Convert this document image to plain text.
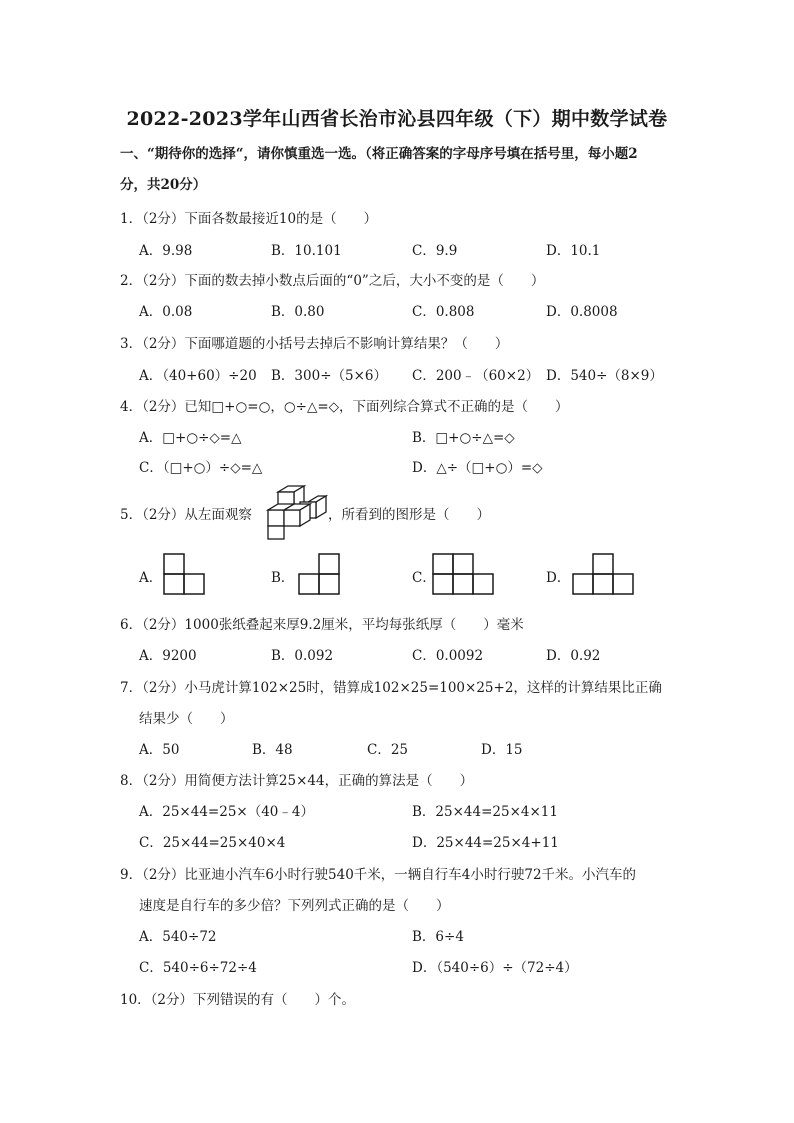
2022-2023学年山西省长治市沁县四年级（下）期中数学试卷
一、“期待你的选择“，请你慎重选一选。（将正确答案的字母序号填在括号里，每小题2
分，共20分）
1．（2分）下面各数最接近10的是（　　）
A．9.98	B．10.101	C．9.9	D．10.1
2．（2分）下面的数去掉小数点后面的“0”之后，大小不变的是（　　）
A．0.08	B．0.80	C．0.808	D．0.8008
3．（2分）下面哪道题的小括号去掉后不影响计算结果？（　　）
A．（40+60）÷20 B．300÷（5×6） C．200﹣（60×2） D．540÷（8×9）
4．（2分）已知□+○=○，○÷△=◇，下面列综合算式不正确的是（　　）
A．□+○÷◇=△	B．□+○÷△=◇
C．（□+○）÷◇=△	D．△÷（□+○）=◇
5．（2分）从左面观察	，所看到的图形是（　　）
A．	B．	C．	D．
6．（2分）1000张纸叠起来厚9.2厘米，平均每张纸厚（　　）毫米
A．9200	B．0.092	C．0.0092	D．0.92
7．（2分）小马虎计算102×25时，错算成102×25=100×25+2，这样的计算结果比正确
结果少（　　）
A．50	B．48	C．25	D．15
8．（2分）用简便方法计算25×44，正确的算法是（　　）
A．25×44=25×（40﹣4）	B．25×44=25×4×11
C．25×44=25×40×4	D．25×44=25×4+11
9．（2分）比亚迪小汽车6小时行驶540千米，一辆自行车4小时行驶72千米。小汽车的
速度是自行车的多少倍？下列列式正确的是（　　）
A．540÷72	B．6÷4
C．540÷6÷72÷4	D．（540÷6）÷（72÷4）
10．（2分）下列错误的有（　　）个。
